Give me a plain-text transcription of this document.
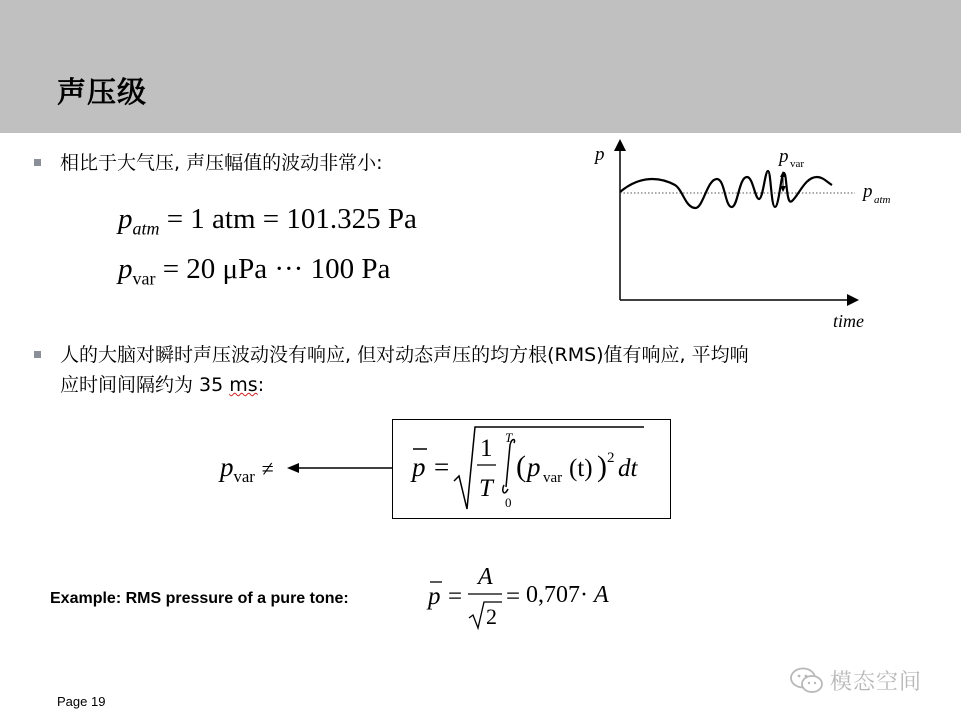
声压级
相比于大气压, 声压幅值的波动非常小:
$p_{atm} = 1$ atm = 101.325 Pa
$p_{var} = 20$ μPa ··· 100 Pa
p
time
p var
p atm
人的大脑对瞬时声压波动没有响应, 但对动态声压的均方根(RMS)值有响应, 平均响
应时间间隔约为 35 ms:
$p_{var}$ ≠	p =
1
T
T
0
( p var (t) ) 2 dt
Example: RMS pressure of a pure tone:	p =
A
2
= 0,707· A
Page 19
模态空间
